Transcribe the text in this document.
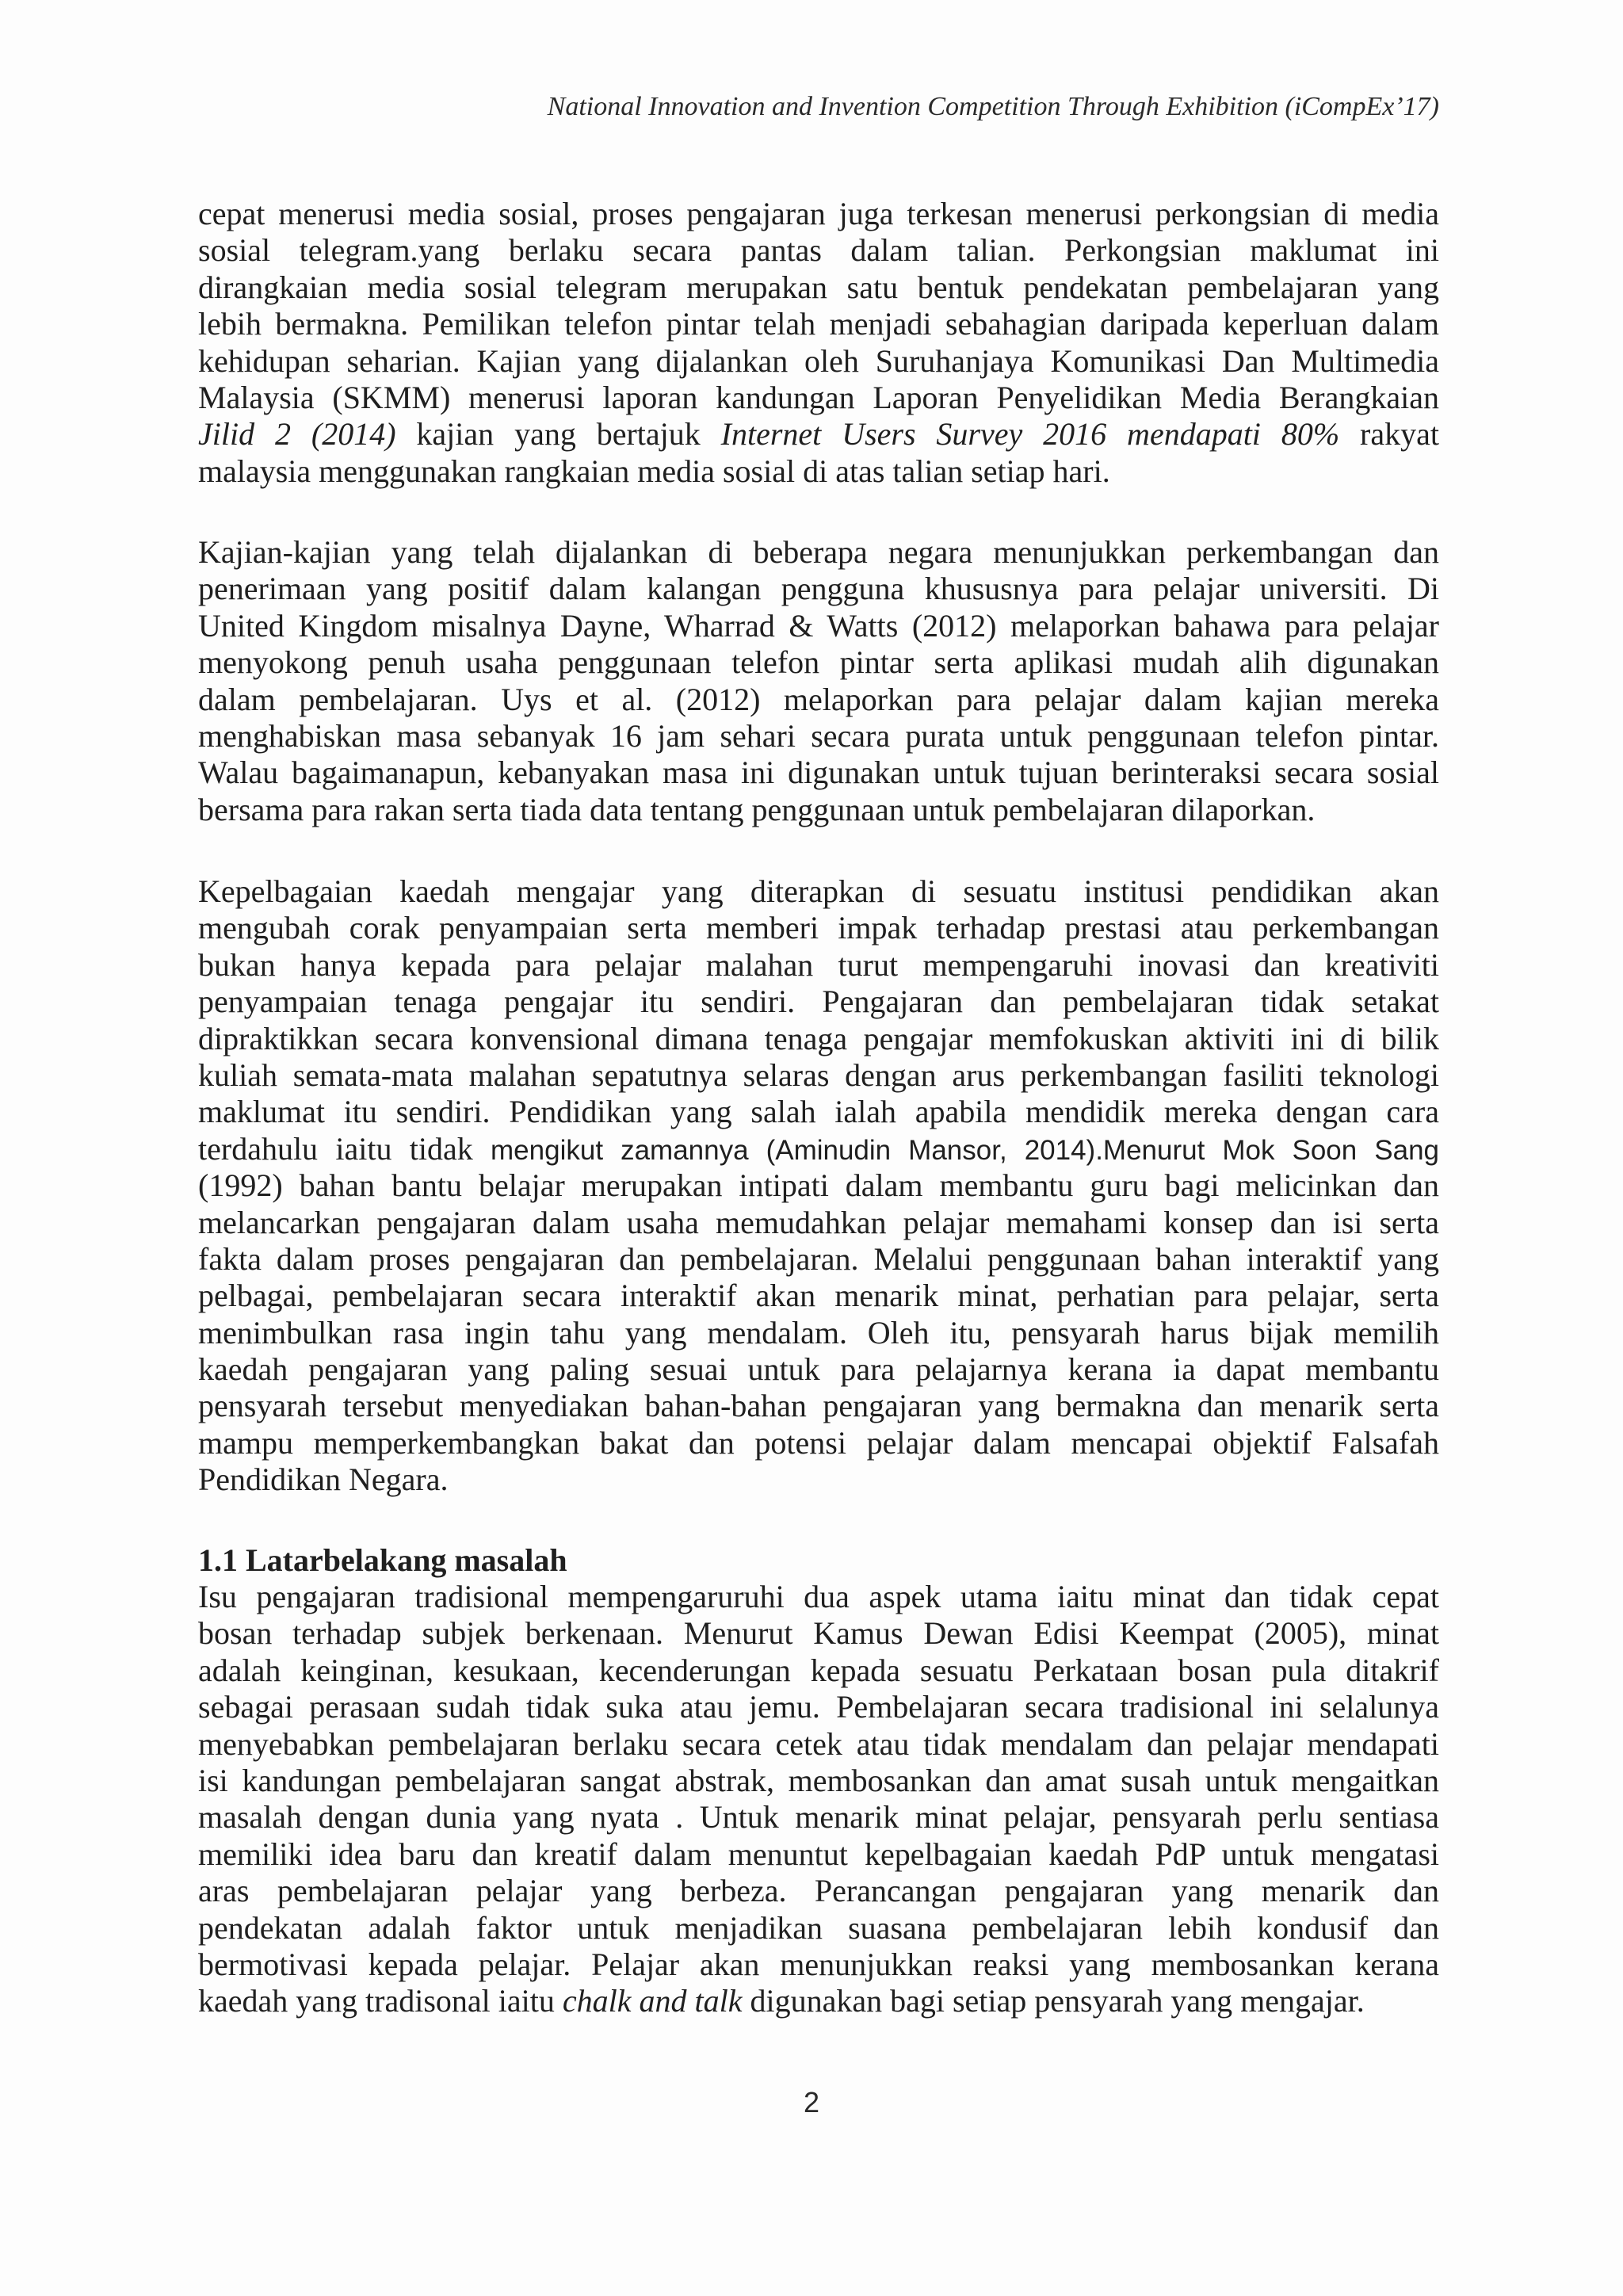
National Innovation and Invention Competition Through Exhibition (iCompEx’17)
cepat menerusi media sosial, proses pengajaran juga terkesan menerusi perkongsian di media
sosial telegram.yang berlaku secara pantas dalam talian. Perkongsian maklumat ini
dirangkaian media sosial telegram merupakan satu bentuk pendekatan pembelajaran yang
lebih bermakna. Pemilikan telefon pintar telah menjadi sebahagian daripada keperluan dalam
kehidupan seharian. Kajian yang dijalankan oleh Suruhanjaya Komunikasi Dan Multimedia
Malaysia (SKMM) menerusi laporan kandungan Laporan Penyelidikan Media Berangkaian
Jilid 2 (2014) kajian yang bertajuk Internet Users Survey 2016 mendapati 80% rakyat
malaysia menggunakan rangkaian media sosial di atas talian setiap hari.
Kajian-kajian yang telah dijalankan di beberapa negara menunjukkan perkembangan dan
penerimaan yang positif dalam kalangan pengguna khususnya para pelajar universiti. Di
United Kingdom misalnya Dayne, Wharrad & Watts (2012) melaporkan bahawa para pelajar
menyokong penuh usaha penggunaan telefon pintar serta aplikasi mudah alih digunakan
dalam pembelajaran. Uys et al. (2012) melaporkan para pelajar dalam kajian mereka
menghabiskan masa sebanyak 16 jam sehari secara purata untuk penggunaan telefon pintar.
Walau bagaimanapun, kebanyakan masa ini digunakan untuk tujuan berinteraksi secara sosial
bersama para rakan serta tiada data tentang penggunaan untuk pembelajaran dilaporkan.
Kepelbagaian kaedah mengajar yang diterapkan di sesuatu institusi pendidikan akan
mengubah corak penyampaian serta memberi impak terhadap prestasi atau perkembangan
bukan hanya kepada para pelajar malahan turut mempengaruhi inovasi dan kreativiti
penyampaian tenaga pengajar itu sendiri. Pengajaran dan pembelajaran tidak setakat
dipraktikkan secara konvensional dimana tenaga pengajar memfokuskan aktiviti ini di bilik
kuliah semata-mata malahan sepatutnya selaras dengan arus perkembangan fasiliti teknologi
maklumat itu sendiri. Pendidikan yang salah ialah apabila mendidik mereka dengan cara
terdahulu iaitu tidak mengikut zamannya (Aminudin Mansor, 2014).Menurut Mok Soon Sang
(1992) bahan bantu belajar merupakan intipati dalam membantu guru bagi melicinkan dan
melancarkan pengajaran dalam usaha memudahkan pelajar memahami konsep dan isi serta
fakta dalam proses pengajaran dan pembelajaran. Melalui penggunaan bahan interaktif yang
pelbagai, pembelajaran secara interaktif akan menarik minat, perhatian para pelajar, serta
menimbulkan rasa ingin tahu yang mendalam. Oleh itu, pensyarah harus bijak memilih
kaedah pengajaran yang paling sesuai untuk para pelajarnya kerana ia dapat membantu
pensyarah tersebut menyediakan bahan-bahan pengajaran yang bermakna dan menarik serta
mampu memperkembangkan bakat dan potensi pelajar dalam mencapai objektif Falsafah
Pendidikan Negara.
1.1 Latarbelakang masalah
Isu pengajaran tradisional mempengaruruhi dua aspek utama iaitu minat dan tidak cepat
bosan terhadap subjek berkenaan. Menurut Kamus Dewan Edisi Keempat (2005), minat
adalah keinginan, kesukaan, kecenderungan kepada sesuatu Perkataan bosan pula ditakrif
sebagai perasaan sudah tidak suka atau jemu. Pembelajaran secara tradisional ini selalunya
menyebabkan pembelajaran berlaku secara cetek atau tidak mendalam dan pelajar mendapati
isi kandungan pembelajaran sangat abstrak, membosankan dan amat susah untuk mengaitkan
masalah dengan dunia yang nyata . Untuk menarik minat pelajar, pensyarah perlu sentiasa
memiliki idea baru dan kreatif dalam menuntut kepelbagaian kaedah PdP untuk mengatasi
aras pembelajaran pelajar yang berbeza. Perancangan pengajaran yang menarik dan
pendekatan adalah faktor untuk menjadikan suasana pembelajaran lebih kondusif dan
bermotivasi kepada pelajar. Pelajar akan menunjukkan reaksi yang membosankan kerana
kaedah yang tradisonal iaitu chalk and talk digunakan bagi setiap pensyarah yang mengajar.
2
